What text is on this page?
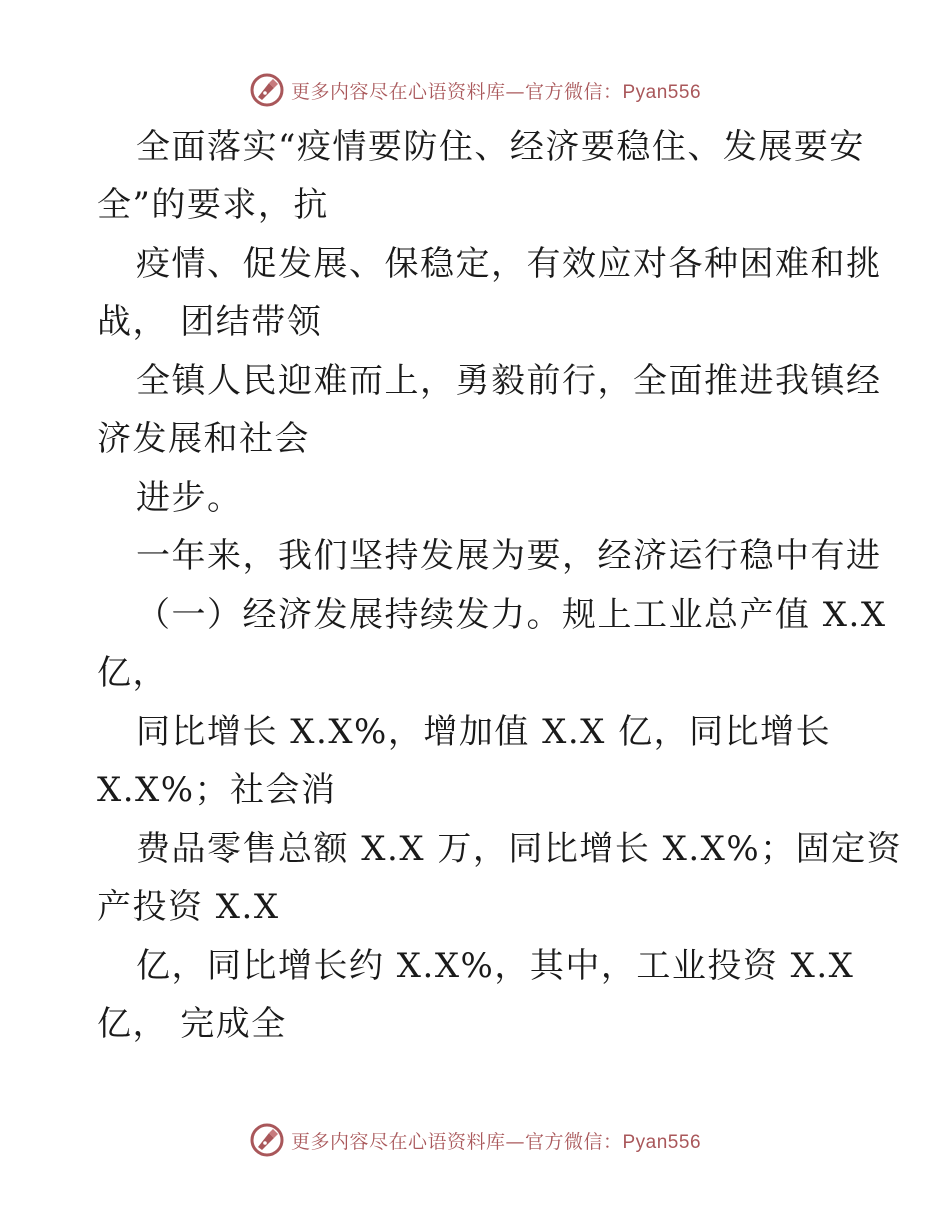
更多内容尽在心语资料库—官方微信：Pyan556
全面落实“疫情要防住、经济要稳住、发展要安
全”的要求，抗
疫情、促发展、保稳定，有效应对各种困难和挑
战， 团结带领
全镇人民迎难而上，勇毅前行，全面推进我镇经
济发展和社会
进步。
一年来，我们坚持发展为要，经济运行稳中有进
（一）经济发展持续发力。规上工业总产值 X.X
亿，
同比增长 X.X%，增加值 X.X 亿，同比增长
X.X%；社会消
费品零售总额 X.X 万，同比增长 X.X%；固定资
产投资 X.X
亿，同比增长约 X.X%，其中，工业投资 X.X
亿， 完成全
更多内容尽在心语资料库—官方微信：Pyan556
